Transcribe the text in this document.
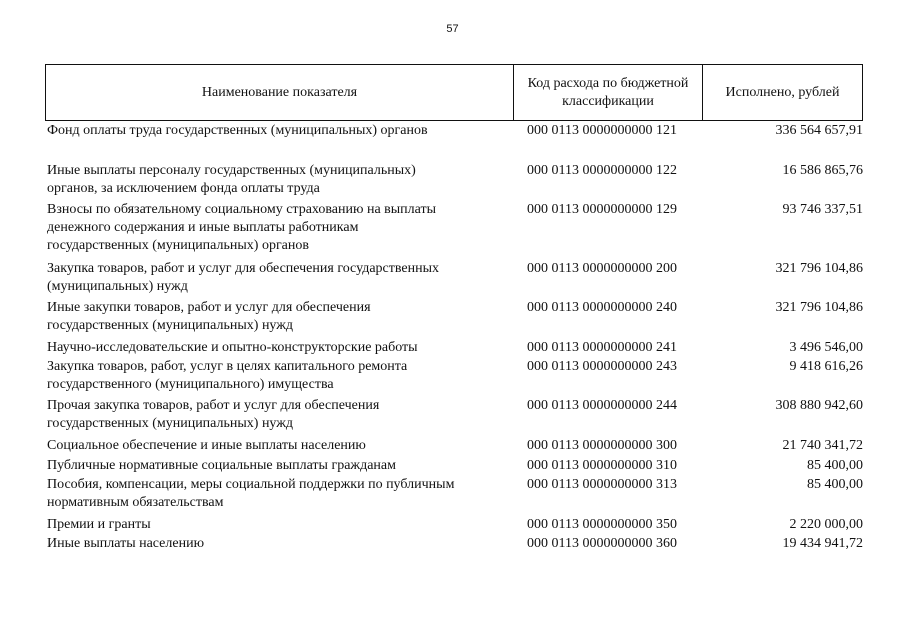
57
Наименование показателя
Код расхода по бюджетной классификации
Исполнено, рублей
Фонд оплаты труда государственных (муниципальных) органов	000 0113 0000000000 121	336 564 657,91
Иные выплаты персоналу государственных (муниципальных)
органов, за исключением фонда оплаты труда
000 0113 0000000000 122	16 586 865,76
Взносы по обязательному социальному страхованию на выплаты
денежного содержания и иные выплаты работникам
государственных (муниципальных) органов
000 0113 0000000000 129	93 746 337,51
Закупка товаров, работ и услуг для обеспечения государственных
(муниципальных) нужд
000 0113 0000000000 200	321 796 104,86
Иные закупки товаров, работ и услуг для обеспечения
государственных (муниципальных) нужд
000 0113 0000000000 240	321 796 104,86
Научно-исследовательские и опытно-конструкторские работы	000 0113 0000000000 241	3 496 546,00
Закупка товаров, работ, услуг в целях капитального ремонта
государственного (муниципального) имущества
000 0113 0000000000 243	9 418 616,26
Прочая закупка товаров, работ и услуг для обеспечения
государственных (муниципальных) нужд
000 0113 0000000000 244	308 880 942,60
Социальное обеспечение и иные выплаты населению	000 0113 0000000000 300	21 740 341,72
Публичные нормативные социальные выплаты гражданам	000 0113 0000000000 310	85 400,00
Пособия, компенсации, меры социальной поддержки по публичным
нормативным обязательствам
000 0113 0000000000 313	85 400,00
Премии и гранты	000 0113 0000000000 350	2 220 000,00
Иные выплаты населению	000 0113 0000000000 360	19 434 941,72
